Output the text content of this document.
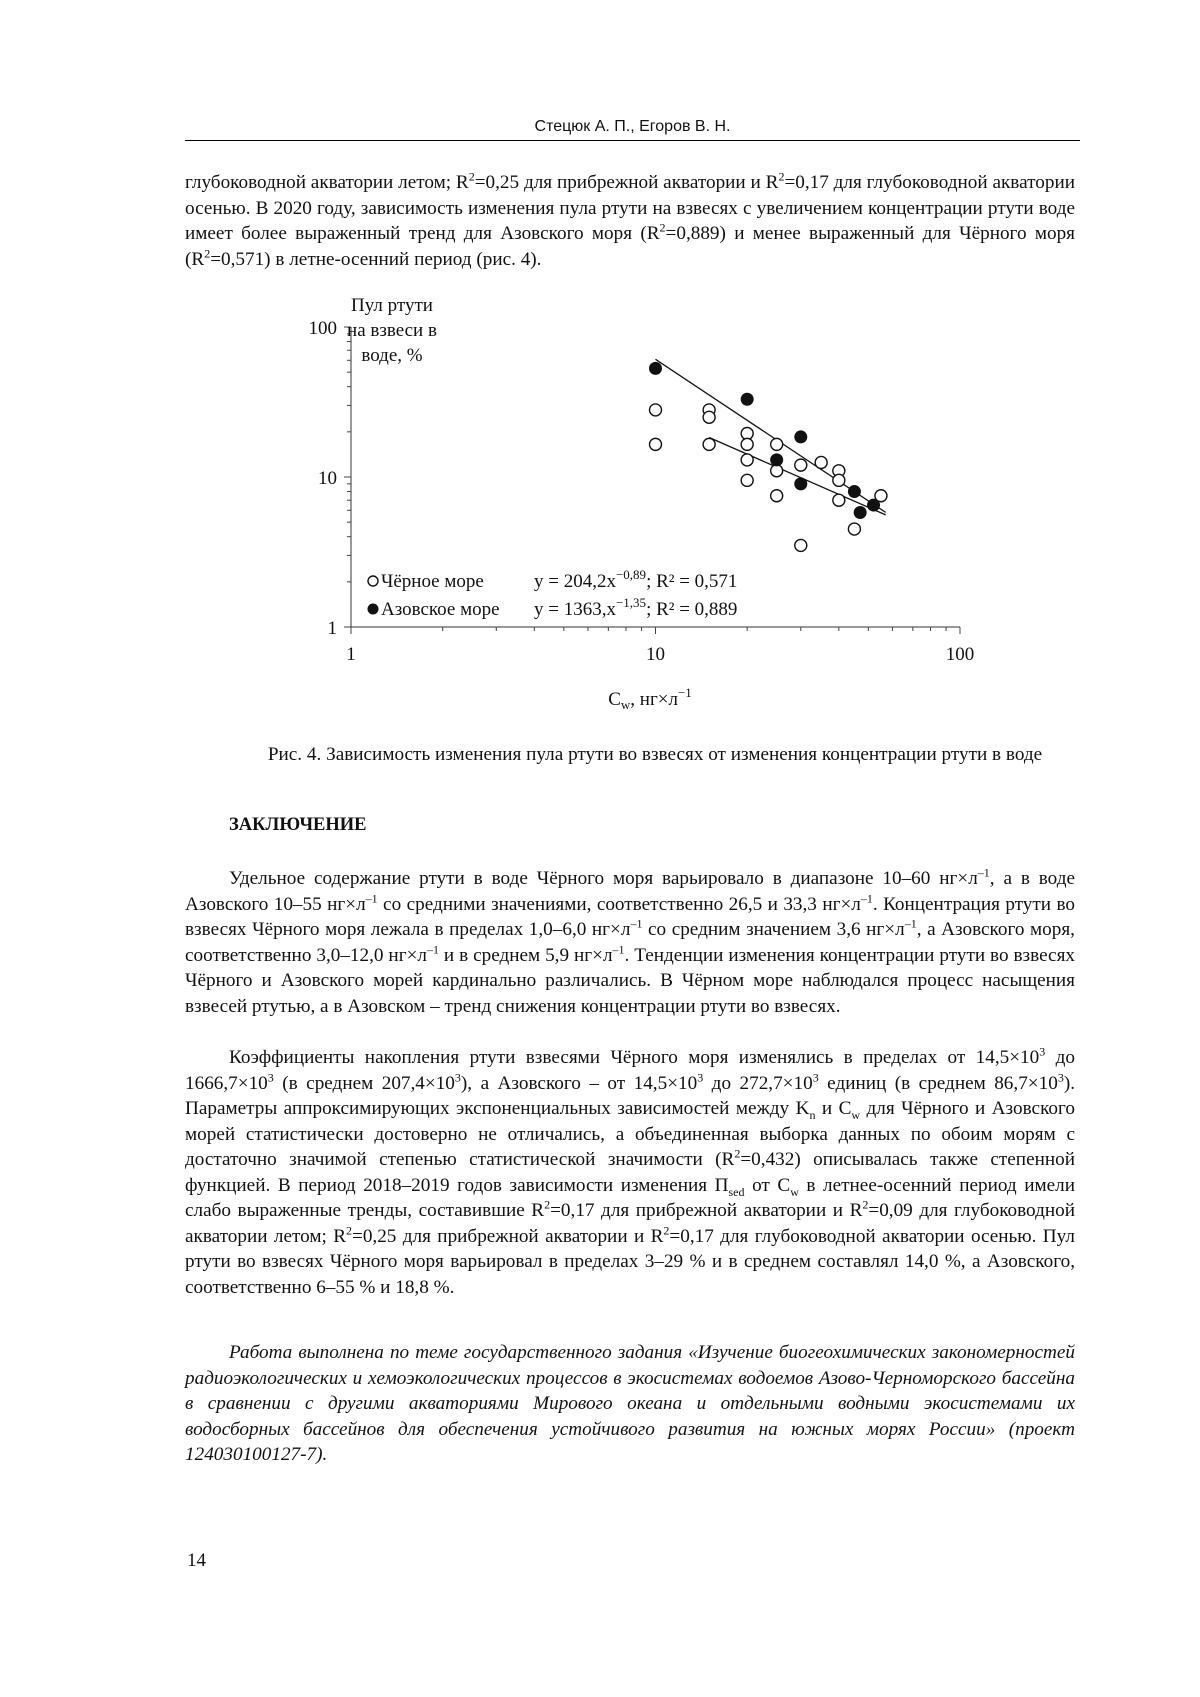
Стецюк А. П., Егоров В. Н.

глубоководной акватории летом; $R^2=0,25$ для прибрежной акватории и $R^2=0,17$ для глубоководной акватории осенью. В 2020 году, зависимость изменения пула ртути на взвесях с увеличением концентрации ртути воде имеет более выраженный тренд для Азовского моря $(R^2=0,889)$ и менее выраженный для Чёрного моря $(R^2=0,571)$ в летне-осенний период (рис. 4).

1	10	100
1
10
100
Пул ртути
на взвеси в
воде, %
$C_w$, $нг\times л^{-1}$
Чёрное море	$y = 204,2x^{-0,89}$; R² = 0,571
Азовское море $y = 1363,x^{-1,35}$; R² = 0,889
Рис. 4. Зависимость изменения пула ртути во взвесях от изменения концентрации ртути в воде
ЗАКЛЮЧЕНИЕ

Удельное содержание ртути в воде Чёрного моря варьировало в диапазоне 10–60 $нг\times л^{-1}$, а в воде Азовского 10–55 $нг\times л^{-1}$ со средними значениями, соответственно 26,5 и 33,3 $нг\times л^{-1}$. Концентрация ртути во взвесях Чёрного моря лежала в пределах 1,0–6,0 $нг\times л^{-1}$ со средним значением 3,6 $нг\times л^{-1}$, а Азовского моря, соответственно 3,0–12,0 $нг\times л^{-1}$ и в среднем 5,9 $нг\times л^{-1}$. Тенденции изменения концентрации ртути во взвесях Чёрного и Азовского морей кардинально различались. В Чёрном море наблюдался процесс насыщения взвесей ртутью, а в Азовском – тренд снижения концентрации ртути во взвесях.

Коэффициенты накопления ртути взвесями Чёрного моря изменялись в пределах от $14,5\times 10^3$ до $1666,7\times 10^3$ (в среднем $207,4\times 10^3$), а Азовского – от $14,5\times 10^3$ до $272,7\times 10^3$ единиц (в среднем $86,7\times 10^3$). Параметры аппроксимирующих экспоненциальных зависимостей между $K_n$ и $C_w$ для Чёрного и Азовского морей статистически достоверно не отличались, а объединенная выборка данных по обоим морям с достаточно значимой степенью статистической значимости $(R^2=0,432)$ описывалась также степенной функцией. В период 2018–2019 годов зависимости изменения $П_{sed}$ от $C_w$ в летнее-осенний период имели слабо выраженные тренды, составившие $R^2=0,17$ для прибрежной акватории и $R^2=0,09$ для глубоководной акватории летом; $R^2=0,25$ для прибрежной акватории и $R^2=0,17$ для глубоководной акватории осенью. Пул ртути во взвесях Чёрного моря варьировал в пределах 3–29 % и в среднем составлял 14,0 %, а Азовского, соответственно 6–55 % и 18,8 %.

Работа выполнена по теме государственного задания «Изучение биогеохимических закономерностей радиоэкологических и хемоэкологических процессов в экосистемах водоемов Азово-Черноморского бассейна в сравнении с другими акваториями Мирового океана и отдельными водными экосистемами их водосборных бассейнов для обеспечения устойчивого развития на южных морях России» (проект 124030100127-7).

14
